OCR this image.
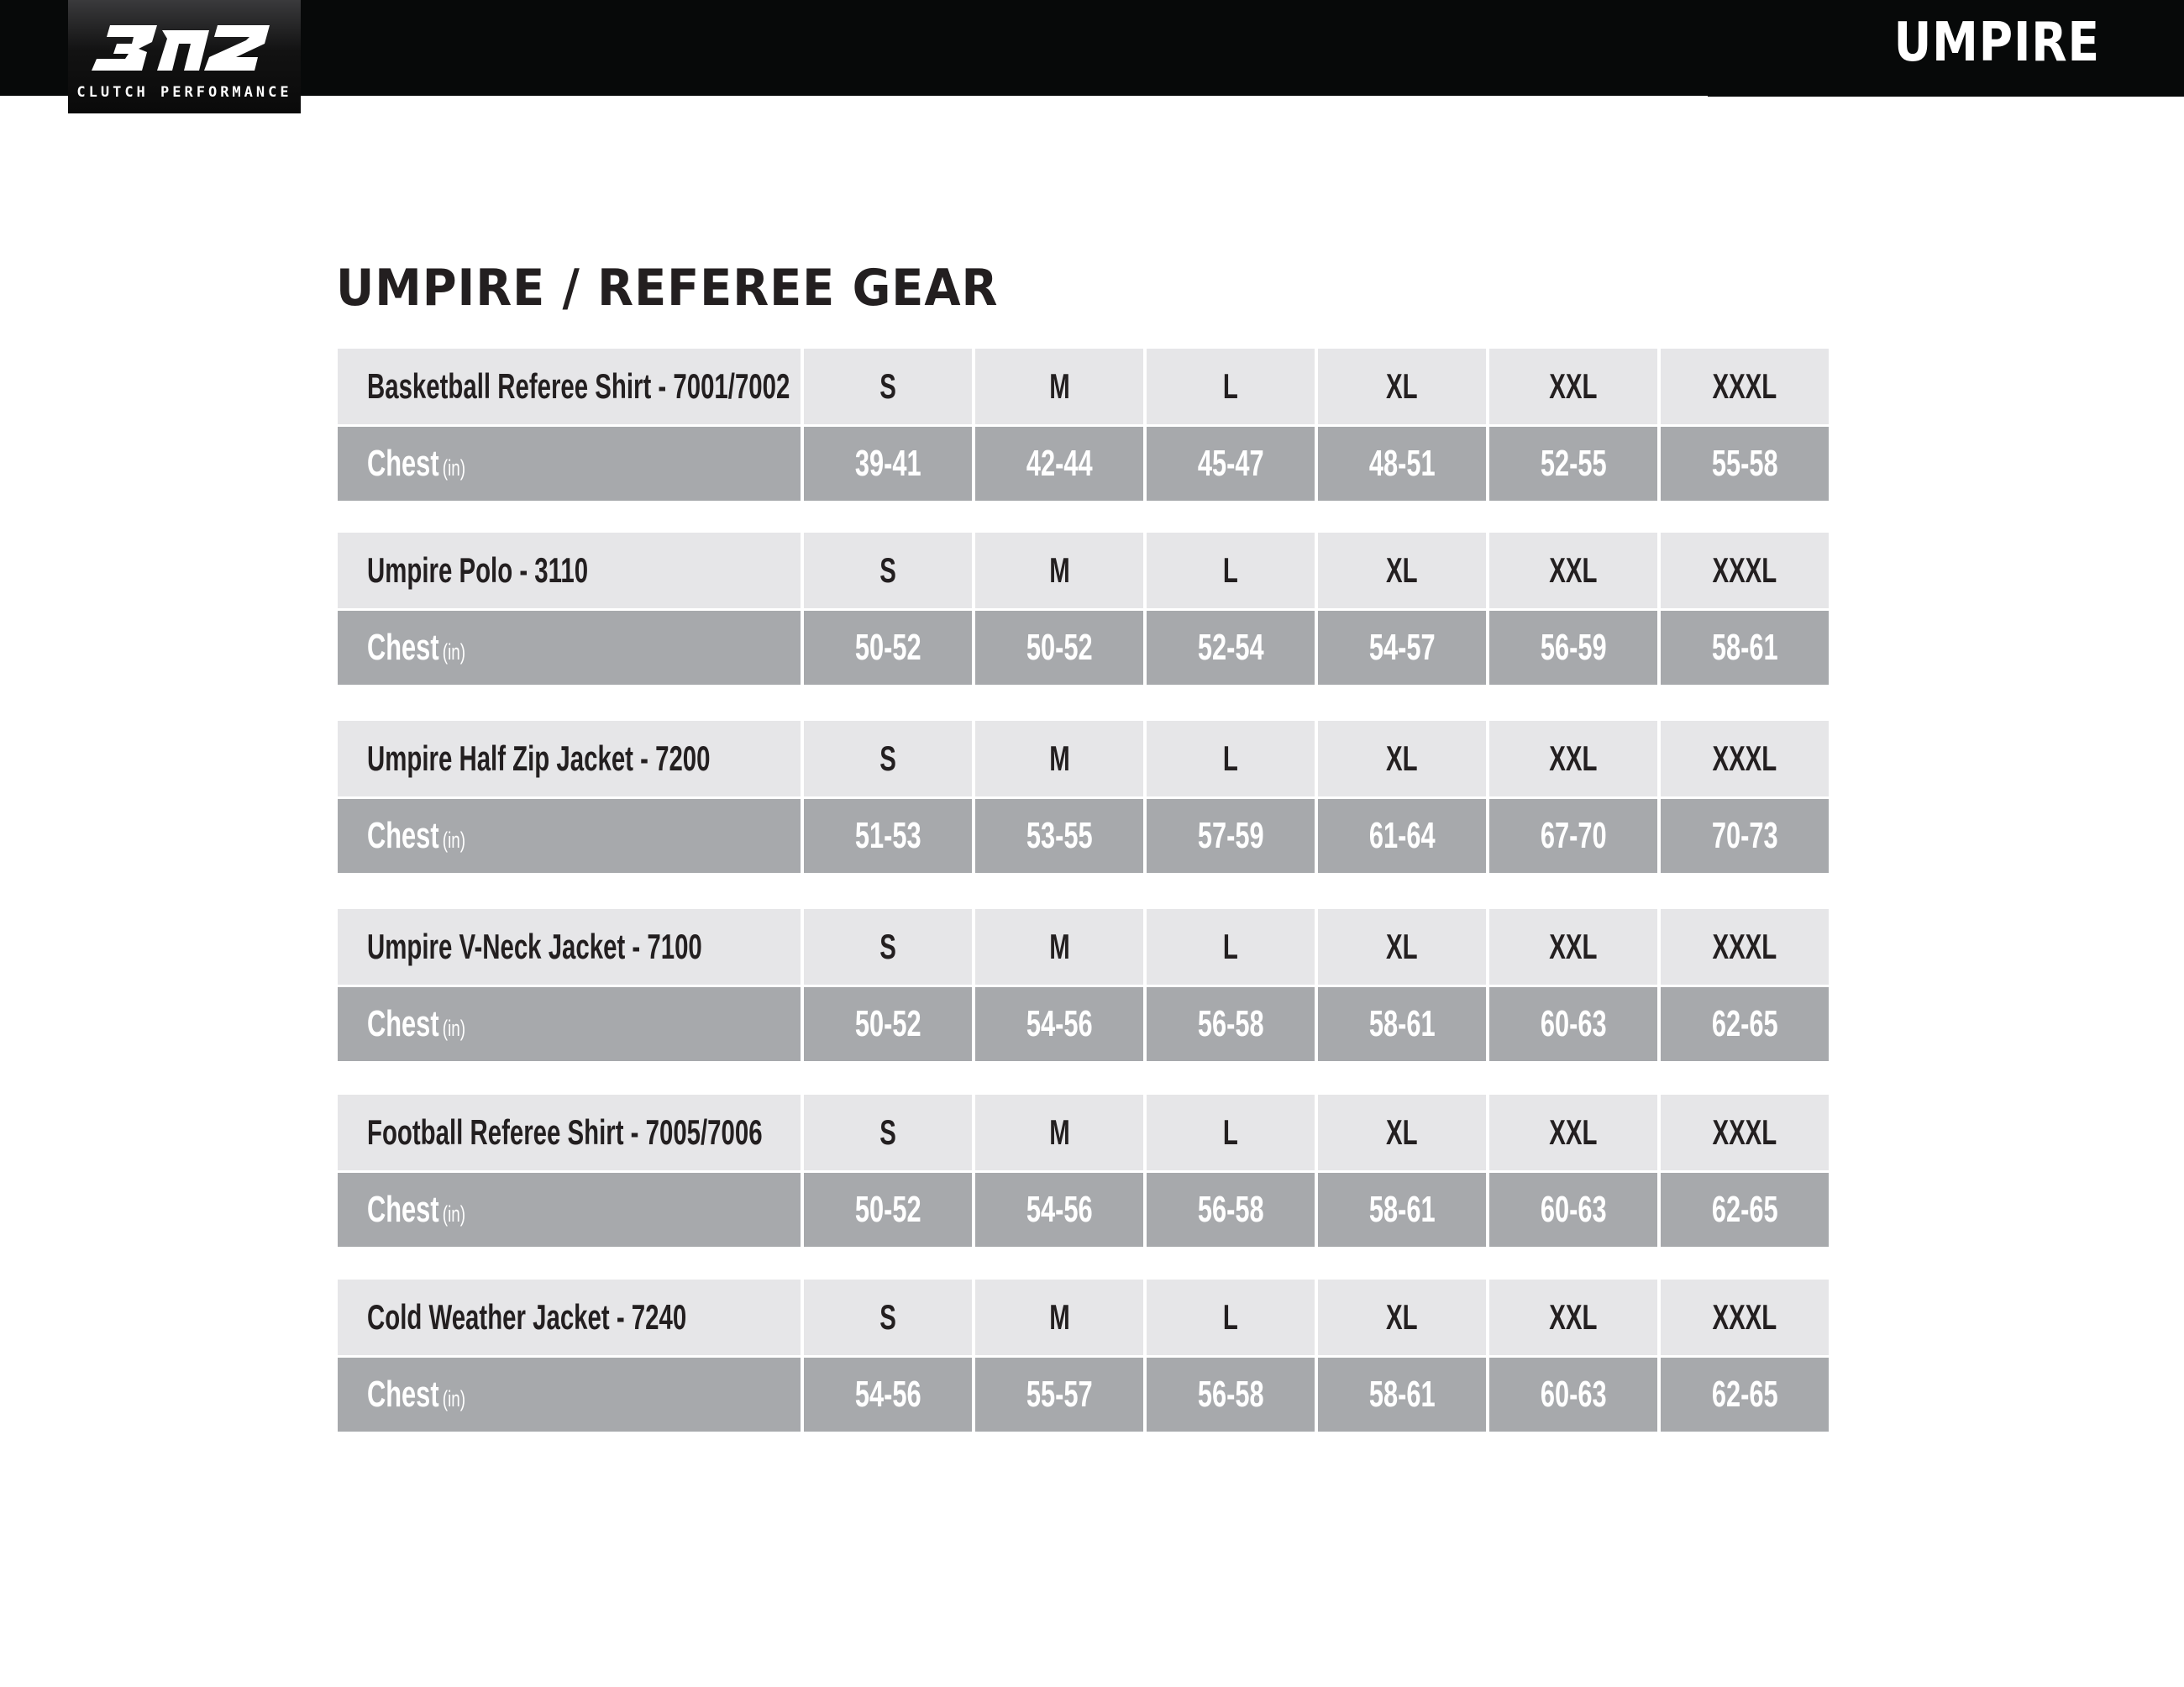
CLUTCH PERFORMANCE
UMPIRE
UMPIRE / REFEREE GEAR
Basketball Referee Shirt - 7001/7002	S	M	L	XL	XXL	XXXL
Chest (in)	39-41	42-44	45-47	48-51	52-55	55-58
Umpire Polo - 3110	S	M	L	XL	XXL	XXXL
Chest (in)	50-52	50-52	52-54	54-57	56-59	58-61
Umpire Half Zip Jacket - 7200	S	M	L	XL	XXL	XXXL
Chest (in)	51-53	53-55	57-59	61-64	67-70	70-73
Umpire V-Neck Jacket - 7100	S	M	L	XL	XXL	XXXL
Chest (in)	50-52	54-56	56-58	58-61	60-63	62-65
Football Referee Shirt - 7005/7006	S	M	L	XL	XXL	XXXL
Chest (in)	50-52	54-56	56-58	58-61	60-63	62-65
Cold Weather Jacket - 7240	S	M	L	XL	XXL	XXXL
Chest (in)	54-56	55-57	56-58	58-61	60-63	62-65
